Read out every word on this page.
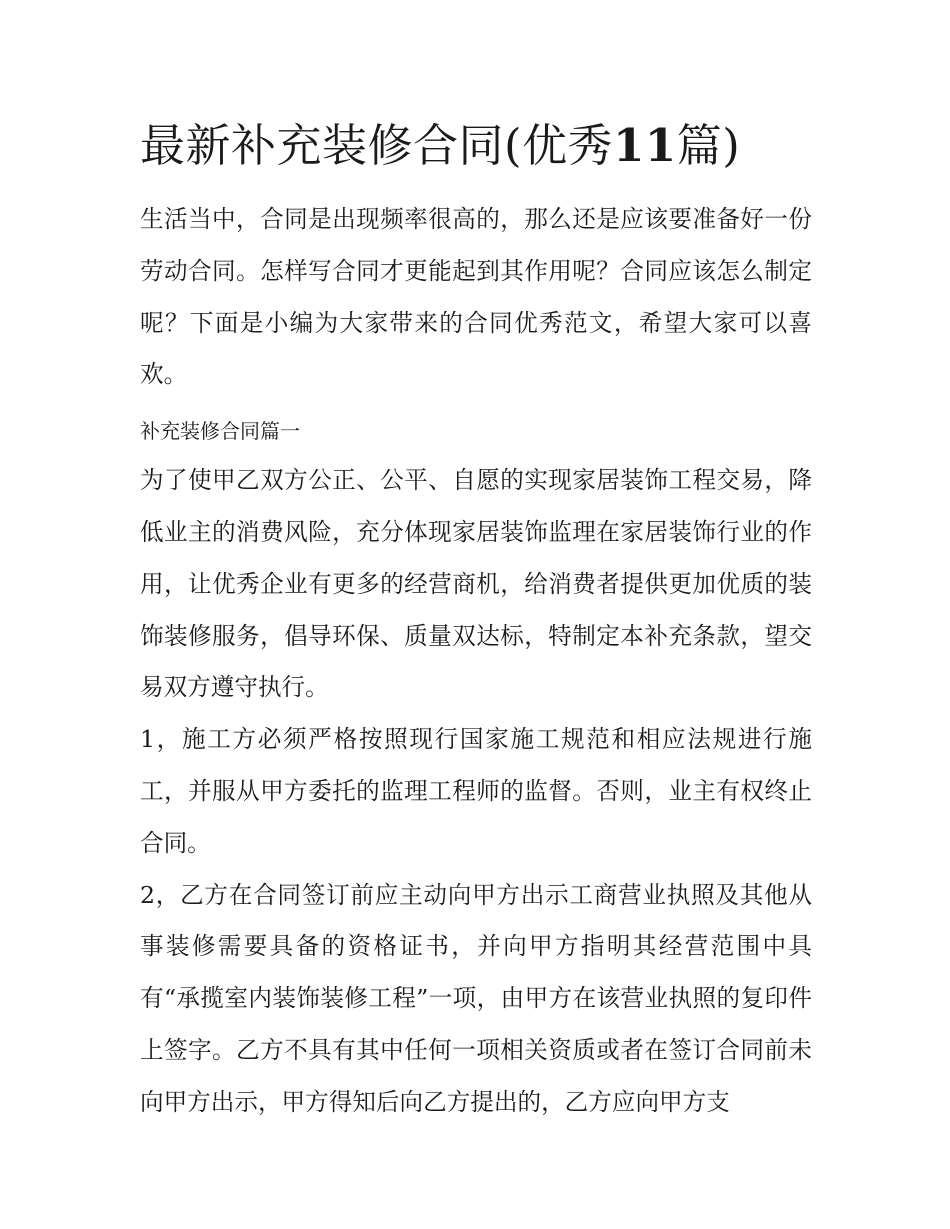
最新补充装修合同(优秀11篇)

生活当中，合同是出现频率很高的，那么还是应该要准备好一份劳动合同。怎样写合同才更能起到其作用呢？合同应该怎么制定呢？下面是小编为大家带来的合同优秀范文，希望大家可以喜欢。

补充装修合同篇一

为了使甲乙双方公正、公平、自愿的实现家居装饰工程交易，降低业主的消费风险，充分体现家居装饰监理在家居装饰行业的作用，让优秀企业有更多的经营商机，给消费者提供更加优质的装饰装修服务，倡导环保、质量双达标，特制定本补充条款，望交易双方遵守执行。

1，施工方必须严格按照现行国家施工规范和相应法规进行施工，并服从甲方委托的监理工程师的监督。否则，业主有权终止合同。

2，乙方在合同签订前应主动向甲方出示工商营业执照及其他从事装修需要具备的资格证书，并向甲方指明其经营范围中具有“承揽室内装饰装修工程”一项，由甲方在该营业执照的复印件上签字。乙方不具有其中任何一项相关资质或者在签订合同前未向甲方出示，甲方得知后向乙方提出的，乙方应向甲方支
